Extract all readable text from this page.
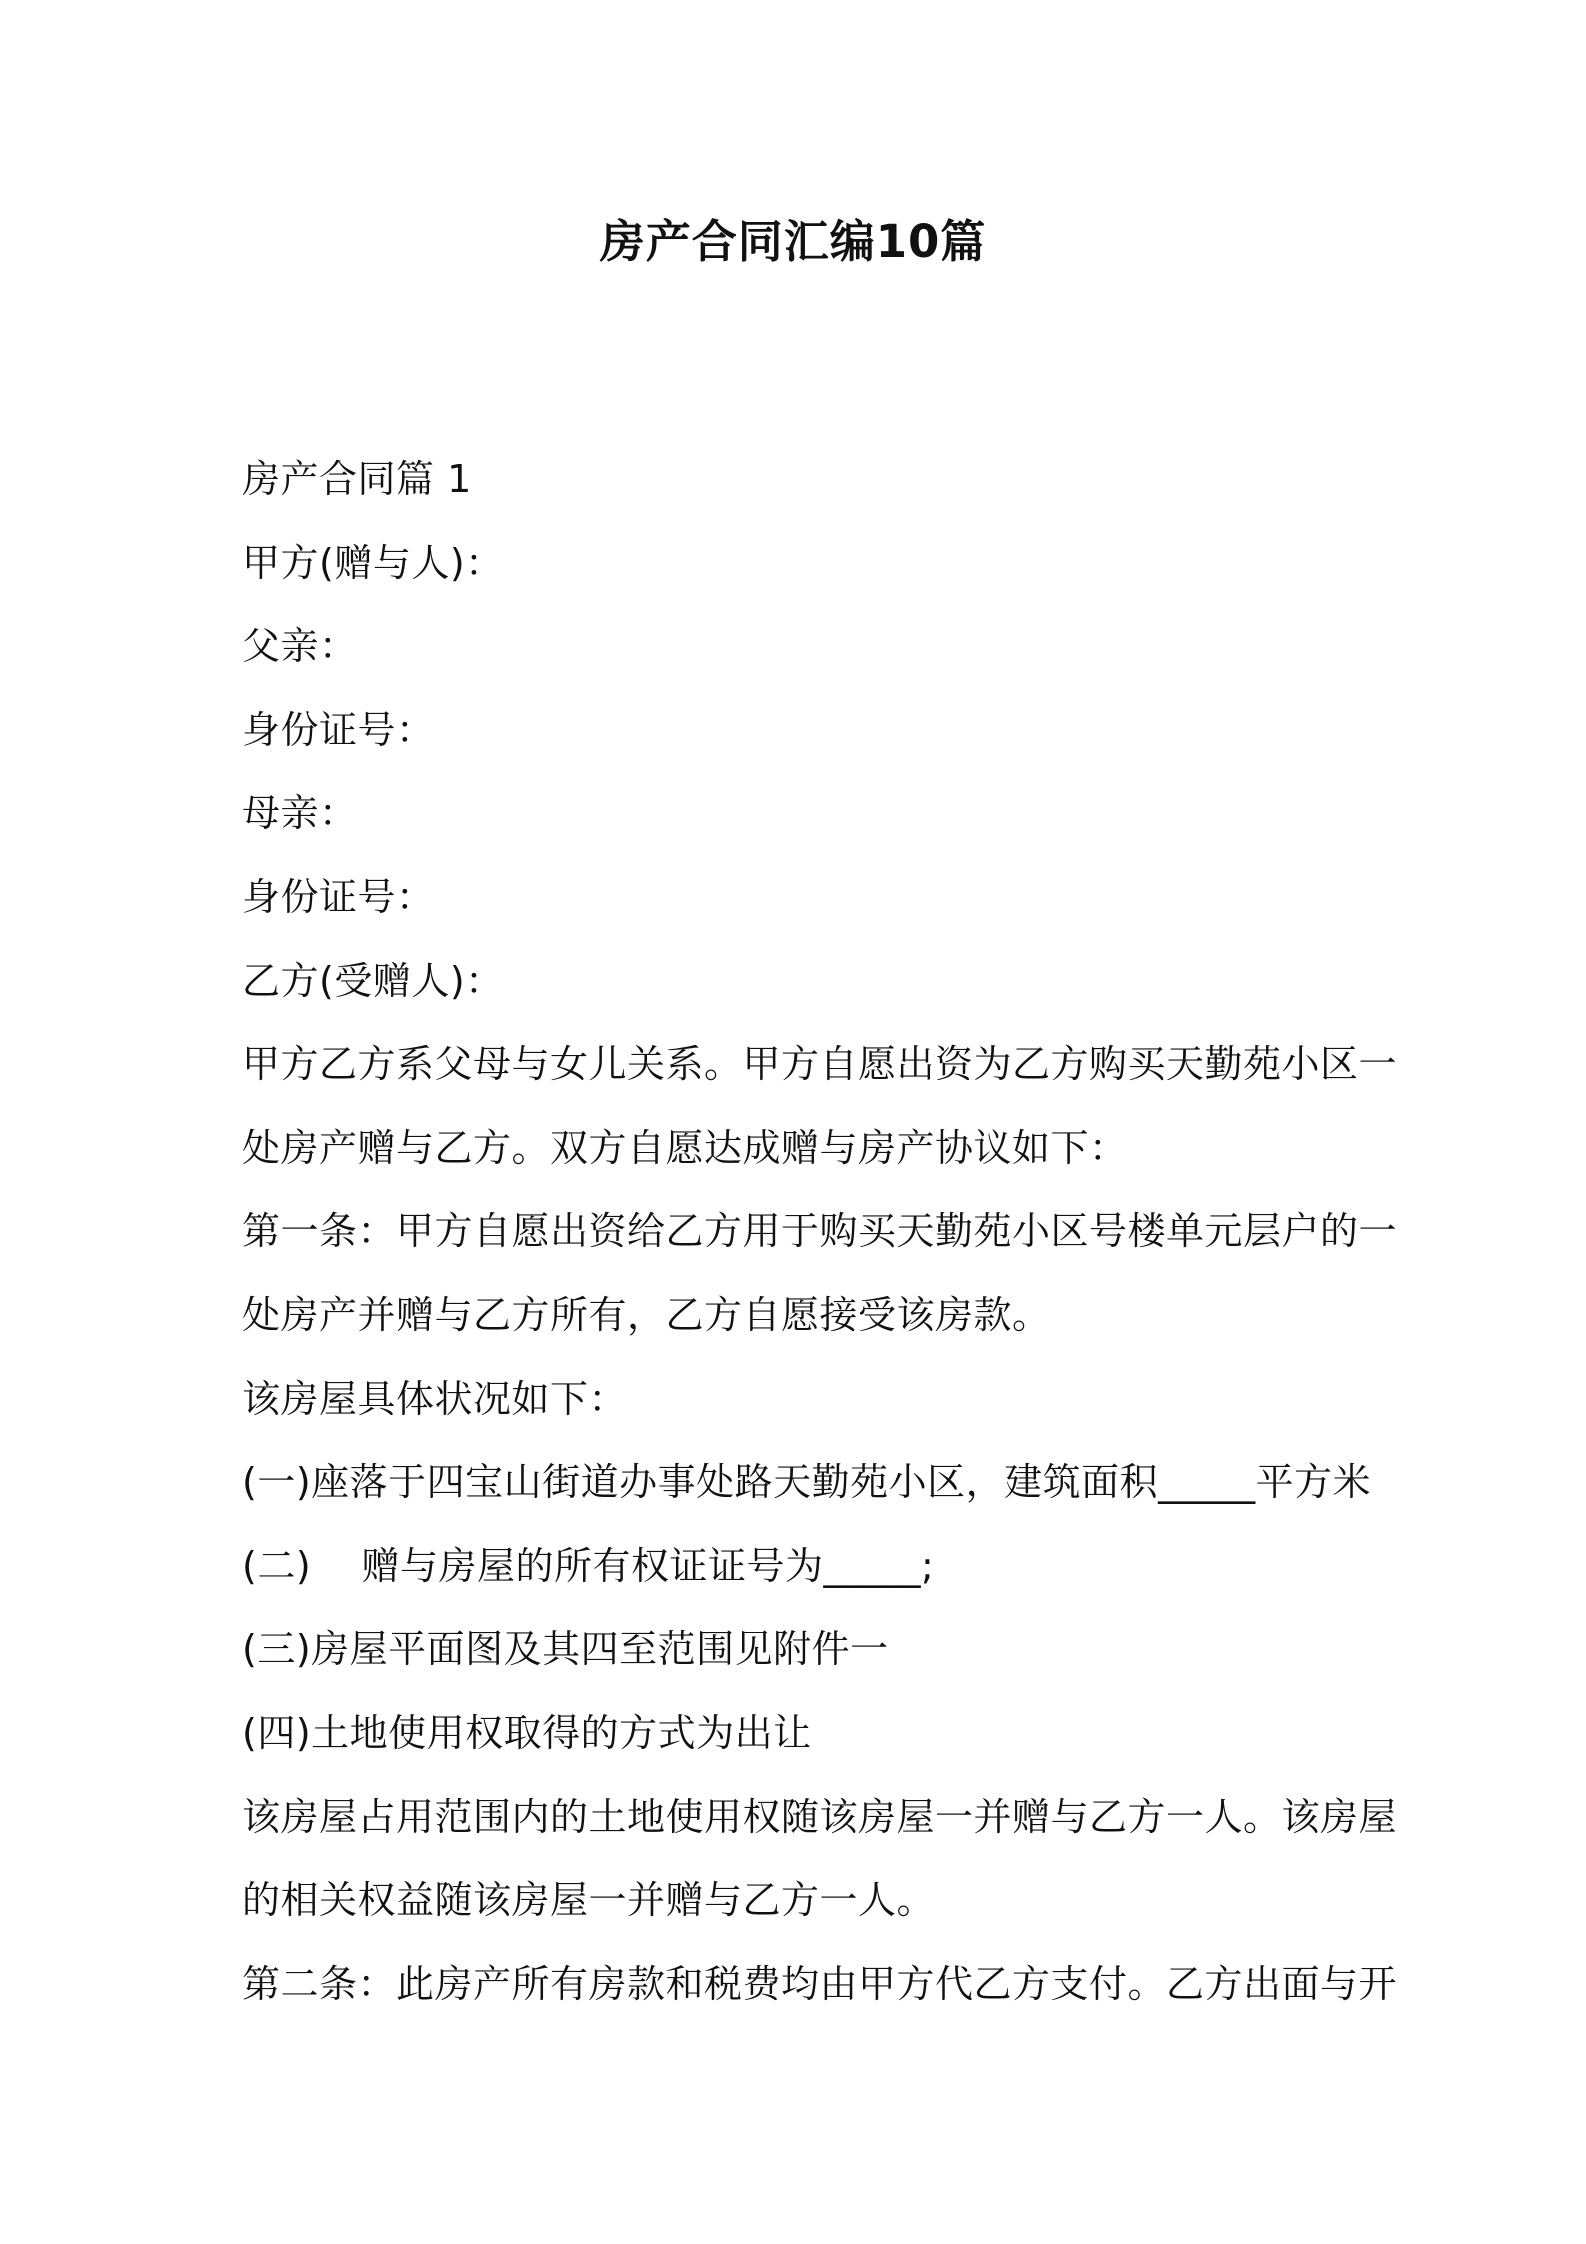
房产合同汇编10篇
房产合同篇 1
甲方(赠与人)：
父亲：
身份证号：
母亲：
身份证号：
乙方(受赠人)：
甲方乙方系父母与女儿关系。甲方自愿出资为乙方购买天勤苑小区一
处房产赠与乙方。双方自愿达成赠与房产协议如下：
第一条：甲方自愿出资给乙方用于购买天勤苑小区号楼单元层户的一
处房产并赠与乙方所有，乙方自愿接受该房款。
该房屋具体状况如下：
(一)座落于四宝山街道办事处路天勤苑小区，建筑面积_____平方米
(二)    赠与房屋的所有权证证号为_____;
(三)房屋平面图及其四至范围见附件一
(四)土地使用权取得的方式为出让
该房屋占用范围内的土地使用权随该房屋一并赠与乙方一人。该房屋
的相关权益随该房屋一并赠与乙方一人。
第二条：此房产所有房款和税费均由甲方代乙方支付。乙方出面与开
